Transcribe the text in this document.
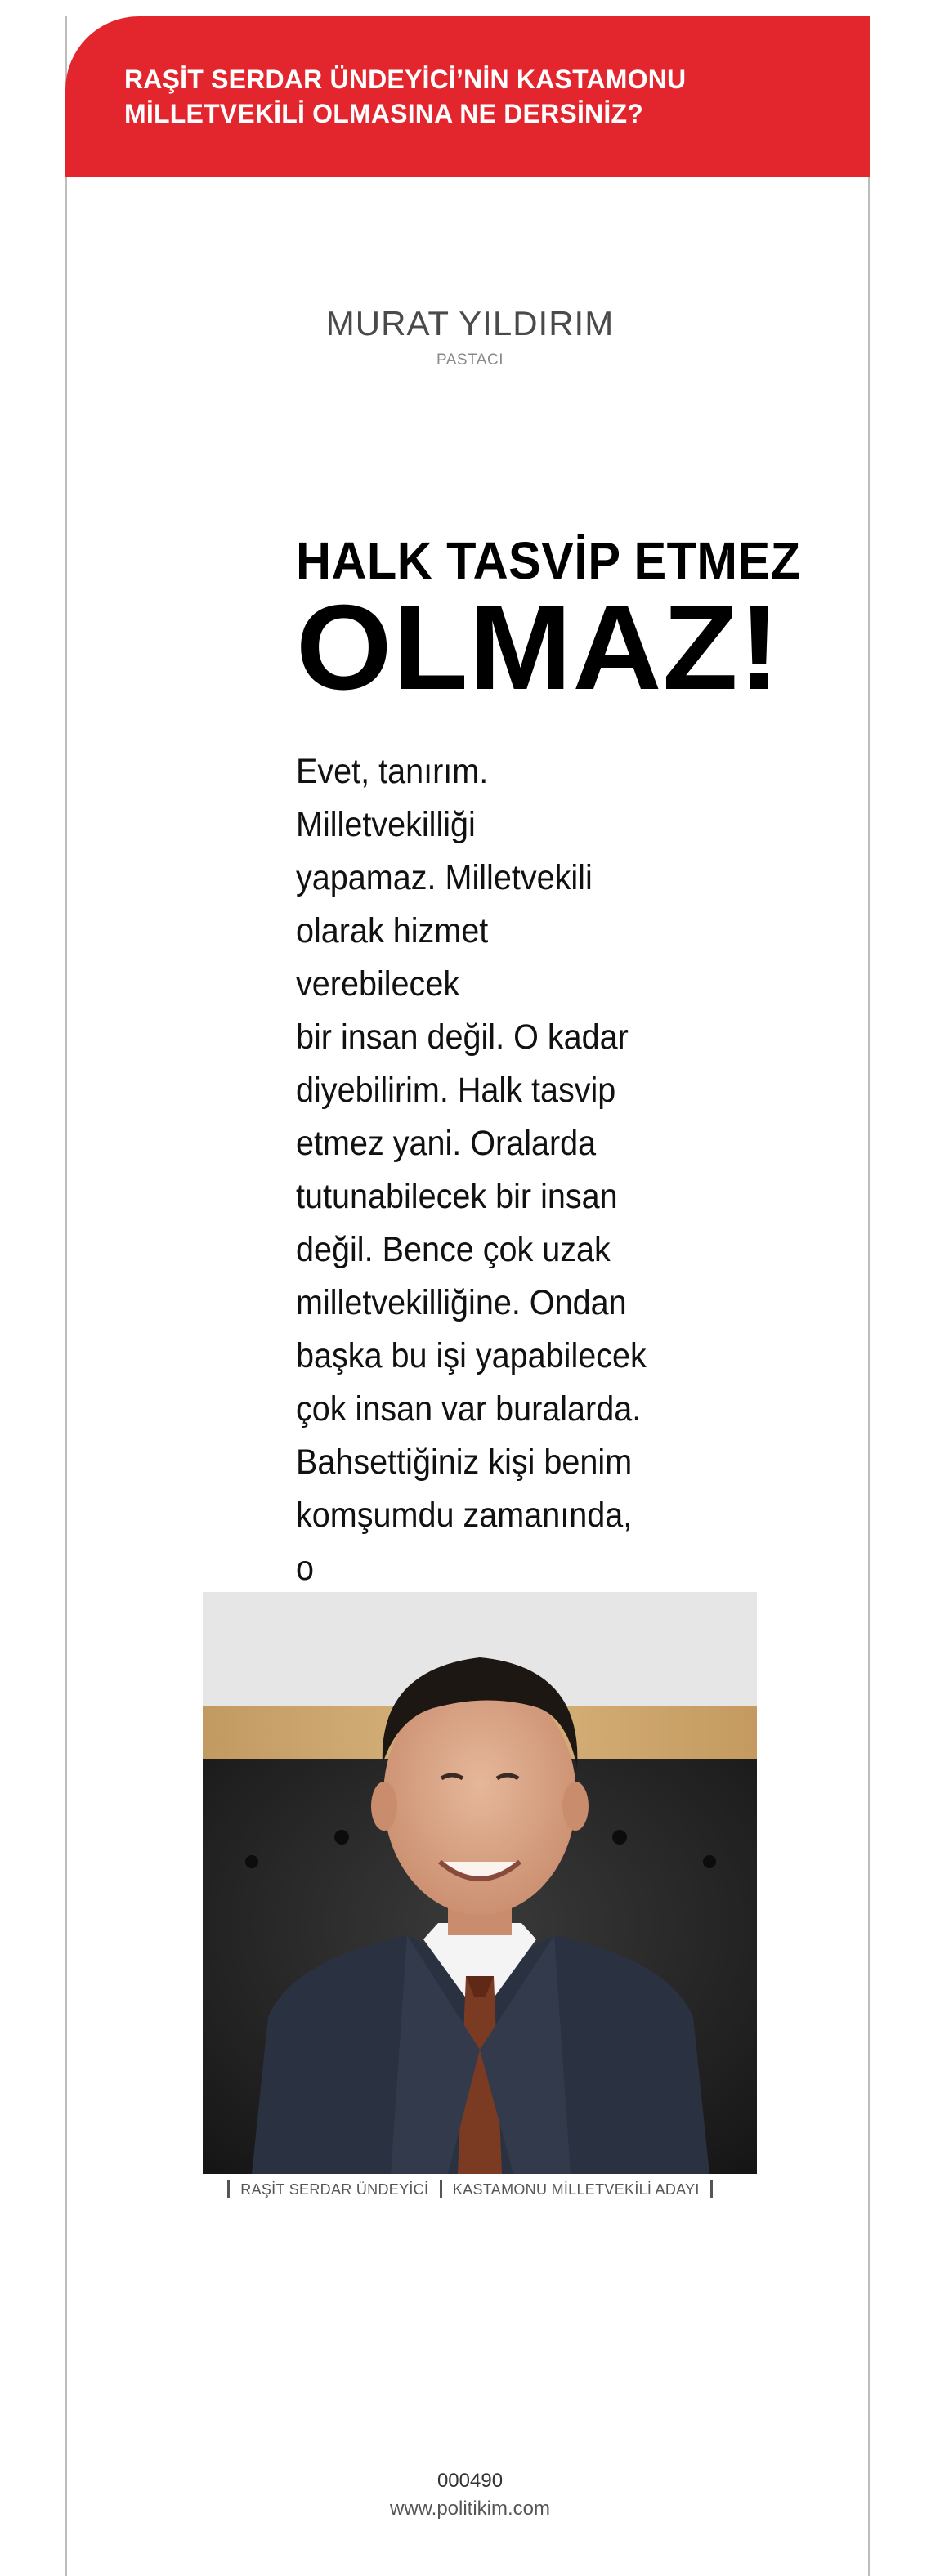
RAŞİT SERDAR ÜNDEYİCİ’NİN KASTAMONU
MİLLETVEKİLİ OLMASINA NE DERSİNİZ?
MURAT YILDIRIM
PASTACI
HALK TASVİP ETMEZ
OLMAZ!
Evet, tanırım. Milletvekilliği
yapamaz. Milletvekili
olarak hizmet verebilecek
bir insan değil. O kadar
diyebilirim. Halk tasvip
etmez yani. Oralarda
tutunabilecek bir insan
değil. Bence çok uzak
milletvekilliğine. Ondan
başka bu işi yapabilecek
çok insan var buralarda.
Bahsettiğiniz kişi benim
komşumdu zamanında, o
RAŞİT SERDAR ÜNDEYİCİ KASTAMONU MİLLETVEKİLİ ADAYI
000490
www.politikim.com
